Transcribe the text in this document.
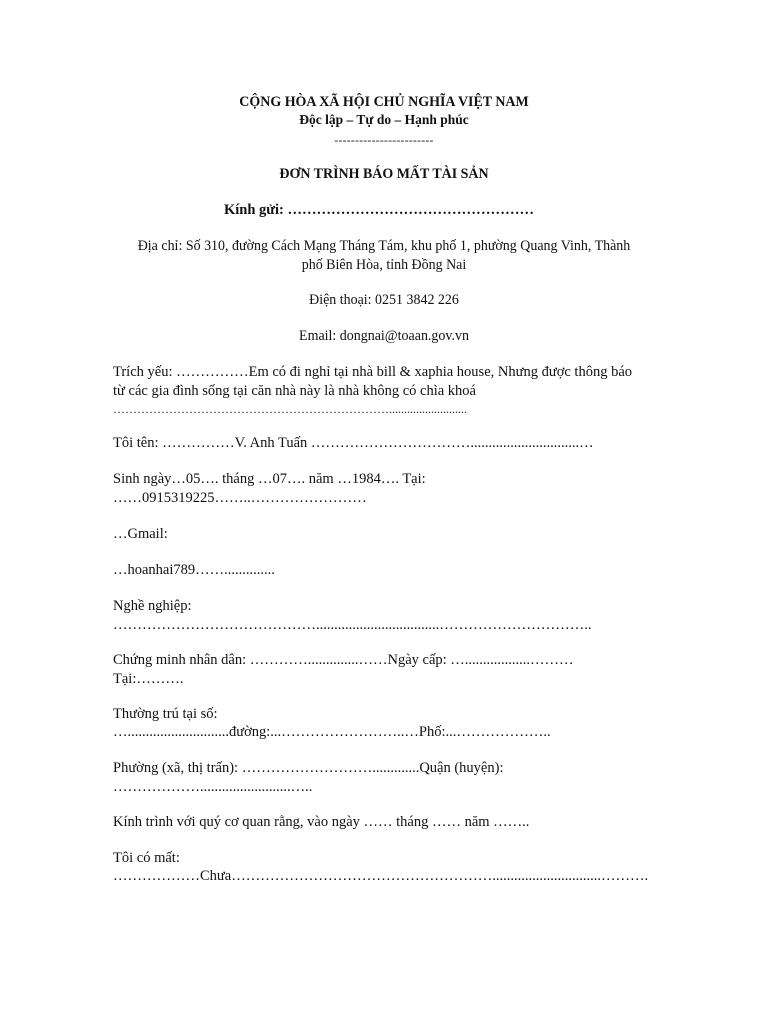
CỘNG HÒA XÃ HỘI CHỦ NGHĨA VIỆT NAM
Độc lập – Tự do – Hạnh phúc
------------------------
ĐƠN TRÌNH BÁO MẤT TÀI SẢN
Kính gửi: ……………………………………………
Địa chỉ: Số 310, đường Cách Mạng Tháng Tám, khu phố 1, phường Quang Vinh, Thành
phố Biên Hòa, tỉnh Đồng Nai
Điện thoại: 0251 3842 226
Email: dongnai@toaan.gov.vn
Trích yếu: ……………Em có đi nghỉ tại nhà bill & xaphia house, Nhưng được thông báo
từ các gia đình sống tại căn nhà này là nhà không có chìa khoá
……………………………………………………………..........................
Tôi tên: ……………V. Anh Tuấn ……………………………..............................…
Sinh ngày…05…. tháng …07…. năm …1984…. Tại:
……0915319225……..……………………
…Gmail:
…hoanhai789……..............
Nghề nghiệp:
……………………………………..................................…………………………..
Chứng minh nhân dân: …………..............……Ngày cấp: …..................………
Tại:……….
Thường trú tại số:
…............................đường:...……………………..…Phố:...………………..
Phường (xã, thị trấn): ……………………….............Quận (huyện):
……………….........................…..
Kính trình với quý cơ quan rằng, vào ngày …… tháng …… năm ……..
Tôi có mất:
………………Chưa………………………………………………..............................……….
